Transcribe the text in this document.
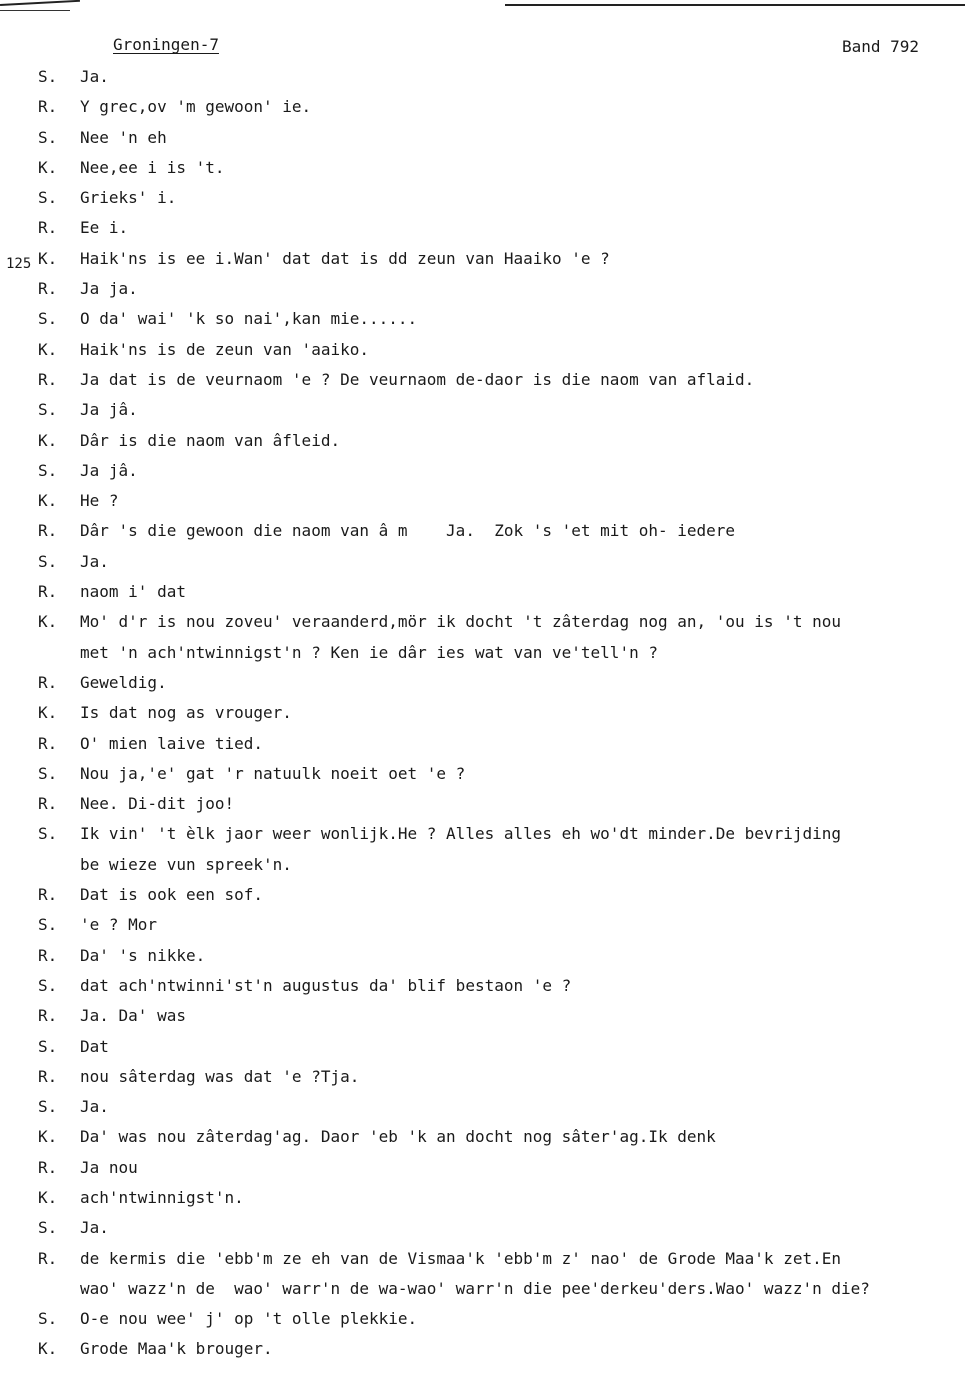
Groningen-7	Band 792
125
S.	Ja.
R.	Y grec,ov 'm gewoon' ie.
S.	Nee 'n eh
K.	Nee,ee i is 't.
S.	Grieks' i.
R.	Ee i.
K.	Haik'ns is ee i.Wan' dat dat is dd zeun van Haaiko 'e ?
R.	Ja ja.
S.	O da' wai' 'k so nai',kan mie......
K.	Haik'ns is de zeun van 'aaiko.
R.	Ja dat is de veurnaom 'e ? De veurnaom de-daor is die naom van aflaid.
S.	Ja jâ.
K.	Dâr is die naom van âfleid.
S.	Ja jâ.
K.	He ?
R.	Dâr 's die gewoon die naom van â m    Ja.  Zok 's 'et mit oh- iedere
S.	Ja.
R.	naom i' dat
K.	Mo' d'r is nou zoveu' veraanderd,mör ik docht 't zâterdag nog an, 'ou is 't nou
met 'n ach'ntwinnigst'n ? Ken ie dâr ies wat van ve'tell'n ?
R.	Geweldig.
K.	Is dat nog as vrouger.
R.	O' mien laive tied.
S.	Nou ja,'e' gat 'r natuulk noeit oet 'e ?
R.	Nee. Di-dit joo!
S.	Ik vin' 't èlk jaor weer wonlijk.He ? Alles alles eh wo'dt minder.De bevrijding
be wieze vun spreek'n.
R.	Dat is ook een sof.
S.	'e ? Mor
R.	Da' 's nikke.
S.	dat ach'ntwinni'st'n augustus da' blif bestaon 'e ?
R.	Ja. Da' was
S.	Dat
R.	nou sâterdag was dat 'e ?Tja.
S.	Ja.
K.	Da' was nou zâterdag'ag. Daor 'eb 'k an docht nog sâter'ag.Ik denk
R.	Ja nou
K.	ach'ntwinnigst'n.
S.	Ja.
R.	de kermis die 'ebb'm ze eh van de Vismaa'k 'ebb'm z' nao' de Grode Maa'k zet.En
wao' wazz'n de  wao' warr'n de wa-wao' warr'n die pee'derkeu'ders.Wao' wazz'n die?
S.	O-e nou wee' j' op 't olle plekkie.
K.	Grode Maa'k brouger.
